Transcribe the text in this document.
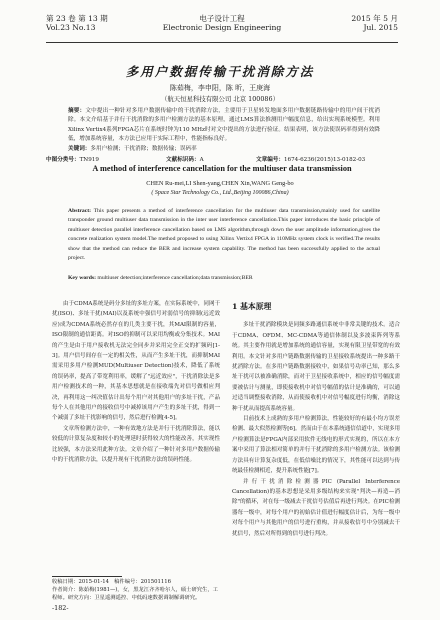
第 23 卷 第 13 期
Vol.23 No.13
电子设计工程
Electronic Design Engineering
2015 年 5 月
Jul. 2015
多用户数据传输干扰消除方法
陈茹梅，李申阳，陈 昕，王庚海
（航天恒星科技有限公司 北京 100086）
摘要：文中提出一种针对多用户数据传输中的干扰消除方法，主要用于卫星转发地面多用户数据链路传输中的用户间干扰消除。本文介绍基于并行干扰消除的多用户检测方法的基本原理，通过LMS算法推测用户幅度信息，给出实现系统模型。利用Xilinx Vertix4系列FPGA芯片在系统时钟为110 MHz时对文中提出的方法进行验证。结果表明，该方法使误码率得到有效降低，增加系统容量，本方法已应用于实际工程中，性能指标良好。
关键词：多用户检测；干扰消除；数据传输；误码率
中图分类号：TN919	文献标识码：A	文章编号：1674-6236(2015)13-0182-03
A method of interference cancellation for the multiuser data transmission
CHEN Ru-mei,LI Shen-yang,CHEN Xin,WANG Geng-bo
( Space Star Technology Co., Ltd.,Beijing 100086,China)
Abstract: This paper presents a method of interference cancellation for the multiuser data transmission,mainly used for satellite transponder ground multiuser data transmission in the inter user interference cancellation.This paper introduces the basic principle of multiuser detection parallel interference cancellation based on LMS algorithm,through down the user amplitude information,gives the concrete realization system model.The method proposed to using Xilinx Vertix4 FPGA in 110MHz system clock is verified.The results show that the method can reduce the BER and increase system capability. The method has been successfully applied to the actual project.
Key words: multiuser detection;interference cancellation;data transmission;BER

由于CDMA系统是码分多址的多址方案，在实际系统中，同网干扰(ISO)、多址干扰(MAI)以及系统中强信号对弱信号的抑制(远近效应)成为CDMA系统必然存在的几类主要干扰，其MAI限制的容量，ISO限制的通信距离。对ISO的抑制可以采用均衡或分集技术。MAI的产生是由于用户接收机无法完全同步并采用完全正交的扩频码[1-3]。用户信号间存在一定的相关性，从而产生多址干扰，而抑制MAI需采用多用户检测MUD(Multiuser Detection)技术，降低了系统的误码率，提高了带宽利用率，缓解了"远近效应"，干扰消除法是多用户检测技术的一种，其基本思想就是在接收端先对信号做相应判决，再利用这一纠决值估计出每个用户对其他用户的多址干扰，产品每个人在其他用户的接收信号中减掉该用户产生的多址干扰，得到一个减弱了多址干扰影响的信号，然后进行检测[4-5]。

文章所检测方法中，一种有效地方法是并行干扰消除算法，能以较低的计算复杂度和较小的处理延时获得较大的性能改善，其实现性比较强，本方法采用此种方法。文章介绍了一种针对多用户数据传输中的干扰消除方法，以提升现有干扰消除方法的误码性能。

1 基本原理

多址干扰消除模块是同频多路通信系统中非常关键的技术。适合于CDMA、OFDM、MC-CDMA等通信体制以及多波束阵列等系统。其主要作用就是增加系统的通信容量，实现有限卫星带宽的有效利用。本文针对多用户链路数据传输的卫星接收系统提出一种多路干扰消除方法。在多用户链路数据接收中，如果信号功率已知，那么多址干扰可以被准确消除，而对于卫星接收系统中，相应的信号幅度需要被估计与测量，即使接收机中对信号幅值的估计是准确的，可以通过适当调整接收消除，从而使接收机中对信号幅度进行均衡，消除这种干扰从而提高系统容量。

目前技术上成熟的多用户检测算法，性能较好的有最小均方误差检测、最大似然检测等[6]。然而由于在本系统通信信道中，实现多用户检测算法是FPGA内部采用软件无线电的形式实现的，所以在本方案中采用了算法相对简单的并行干扰消除的多用户检测方法。该检测方法具有计算复杂度低，在低信噪比的情况下，其性能可以达到与传统最佳检测相近，提升系统性能[7]。

并行干扰消除检测器PIC (Parallel Interference Cancellation)的基本思想是采用多级结构来实现"判决—再造—消除"的循环，对在每一级减去干扰信号估值后再进行判决。在PIC检测器每一级中，对每个用户的初始估计值进行幅度估计后，为每一级中对每个用户与其他用户的信号进行重构，并从接收信号中分别减去干扰信号，然后对所得到的信号进行判决。

收稿日期：2015-01-14 稿件编号：201501116
作者简介：陈茹梅(1981—)，女，黑龙江齐齐哈尔人，硕士研究生，工程师。研究方向：卫星遥测遥控、中低码速数据调制解调研究。
-182-
